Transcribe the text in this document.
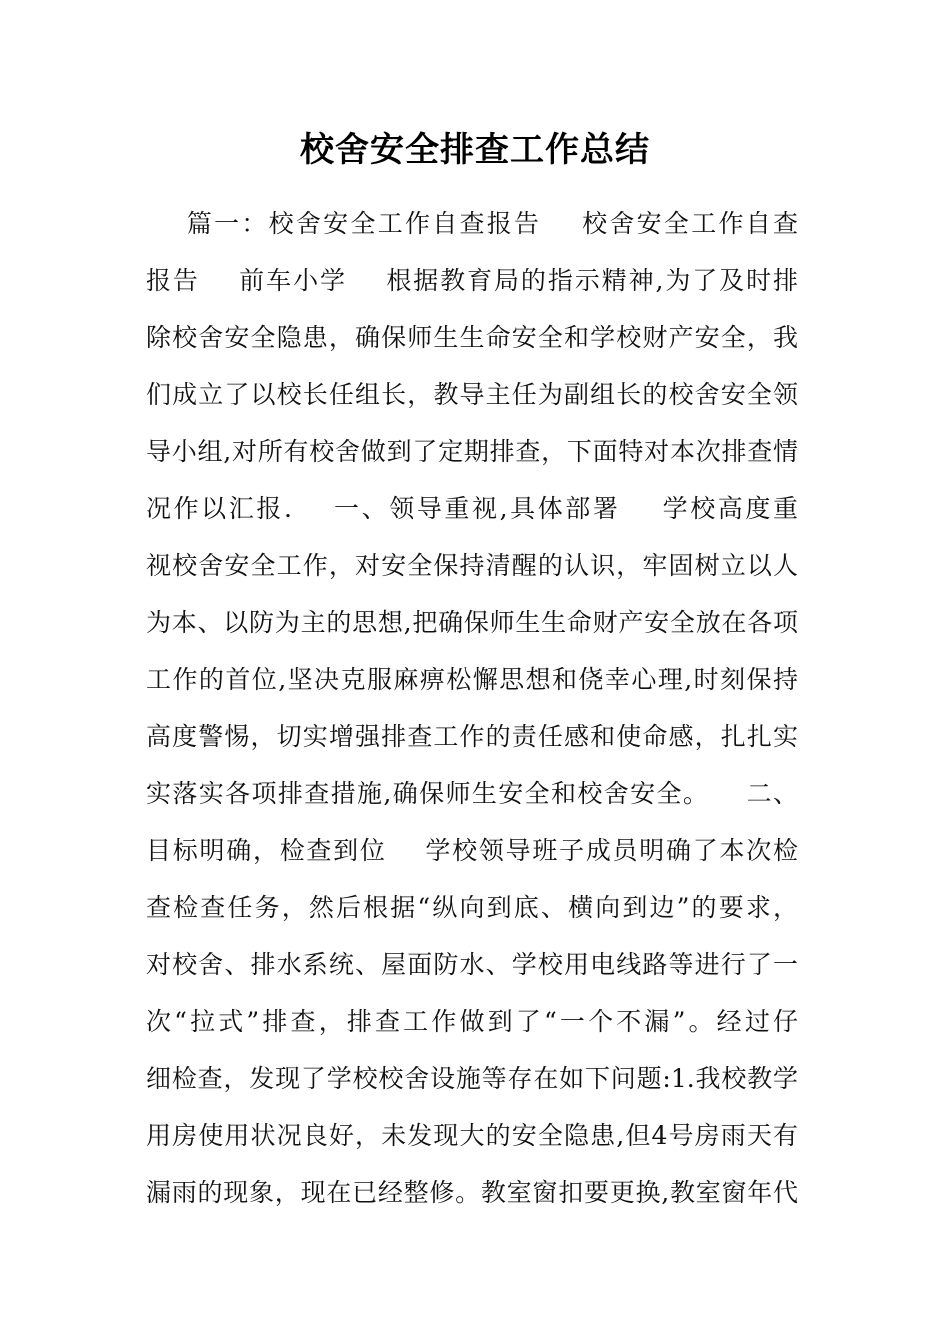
校舍安全排查工作总结
篇一：校舍安全工作自查报告    校舍安全工作自查
报告    前车小学    根据教育局的指示精神,为了及时排
除校舍安全隐患，确保师生生命安全和学校财产安全，我
们成立了以校长任组长，教导主任为副组长的校舍安全领
导小组,对所有校舍做到了定期排查，下面特对本次排查情
况作以汇报.    一、领导重视,具体部署    学校高度重
视校舍安全工作，对安全保持清醒的认识，牢固树立以人
为本、以防为主的思想,把确保师生生命财产安全放在各项
工作的首位,坚决克服麻痹松懈思想和侥幸心理,时刻保持
高度警惕，切实增强排查工作的责任感和使命感，扎扎实
实落实各项排查措施,确保师生安全和校舍安全。    二、
目标明确，检查到位    学校领导班子成员明确了本次检
查检查任务，然后根据“纵向到底、横向到边”的要求，
对校舍、排水系统、屋面防水、学校用电线路等进行了一
次“拉式”排查，排查工作做到了“一个不漏”。经过仔
细检查，发现了学校校舍设施等存在如下问题:1.我校教学
用房使用状况良好，未发现大的安全隐患,但4号房雨天有
漏雨的现象，现在已经整修。教室窗扣要更换,教室窗年代
